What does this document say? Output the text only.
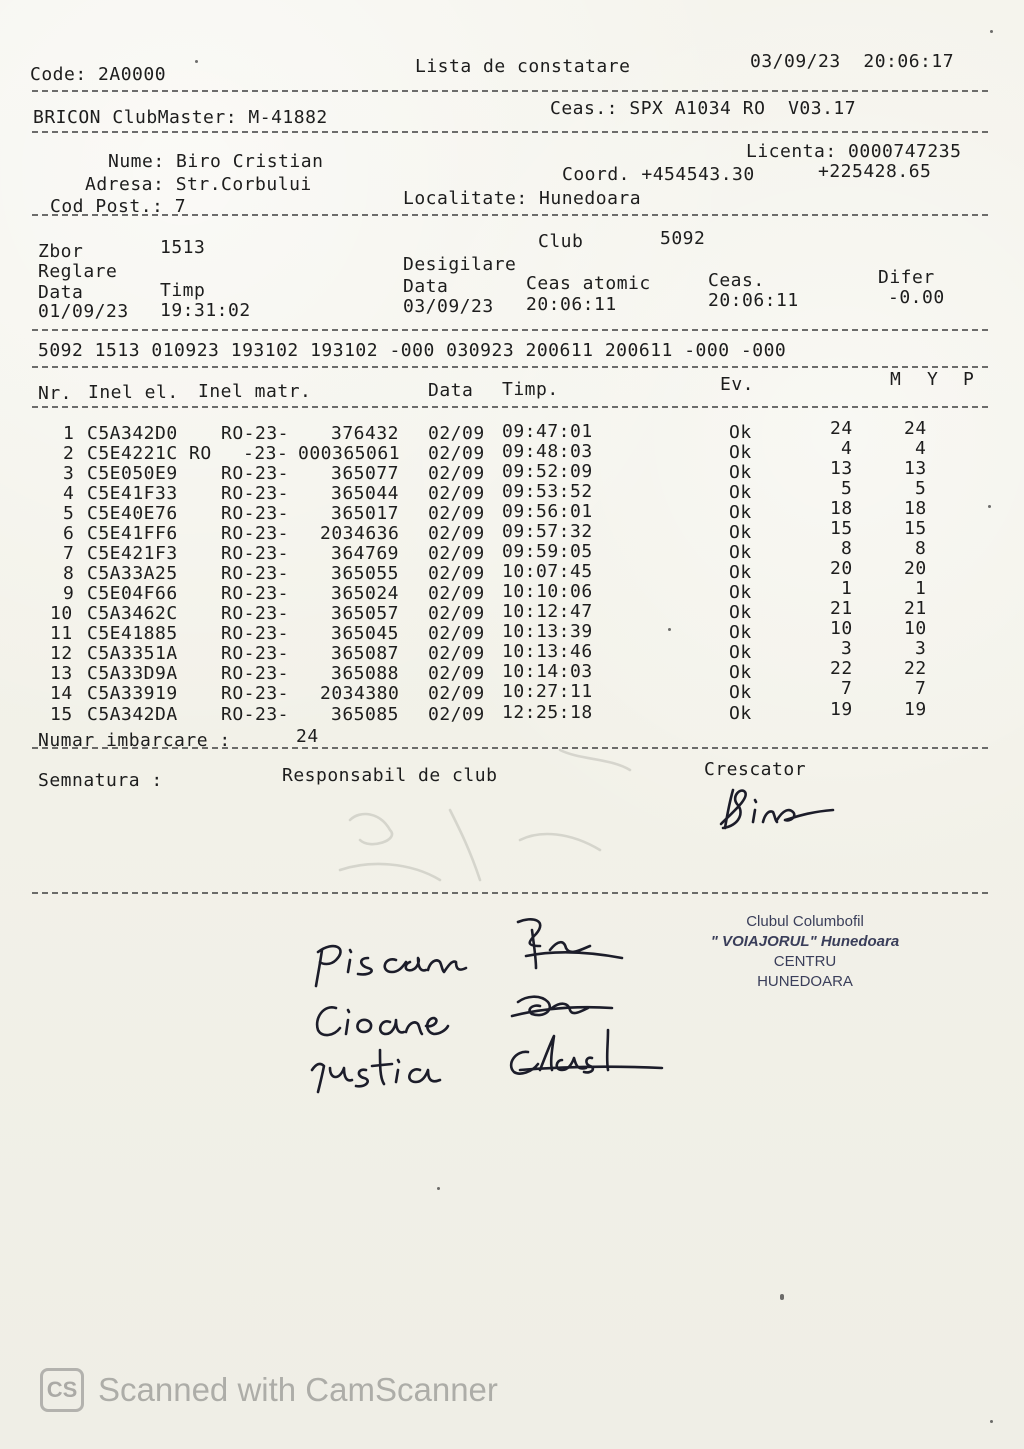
Code: 2A0000	Lista de constatare	03/09/23  20:06:17
BRICON ClubMaster: M-41882	Ceas.: SPX A1034 RO  V03.17
Nume: Biro Cristian
Adresa: Str.Corbului
Cod Post.: 7
Licenta: 0000747235
Coord. +454543.30	+225428.65
Localitate: Hunedoara
Zbor	1513	Club	5092
Reglare	Desigilare
Data	Timp	Data	Ceas atomic	Ceas.	Difer
01/09/23 19:31:02	03/09/23 20:06:11	20:06:11	-0.00
5092 1513 010923 193102 193102 -000 030923 200611 200611 -000 -000
Nr. Inel el. Inel matr.	Data Timp.	Ev.	M Y P
1 C5A342D0 RO-23- 376432 02/09 09:47:01	Ok	24	24
2 C5E4221C RO -23- 000365061 02/09 09:48:03	Ok	4	4
3 C5E050E9 RO-23- 365077 02/09 09:52:09	Ok	13	13
4 C5E41F33 RO-23- 365044 02/09 09:53:52	Ok	5	5
5 C5E40E76 RO-23- 365017 02/09 09:56:01	Ok	18	18
6 C5E41FF6 RO-23- 2034636 02/09 09:57:32	Ok	15	15
7 C5E421F3 RO-23- 364769 02/09 09:59:05	Ok	8	8
8 C5A33A25 RO-23- 365055 02/09 10:07:45	Ok	20	20
9 C5E04F66 RO-23- 365024 02/09 10:10:06	Ok	1	1
10 C5A3462C RO-23- 365057 02/09 10:12:47	Ok	21	21
11 C5E41885 RO-23- 365045 02/09 10:13:39	Ok	10	10
12 C5A3351A RO-23- 365087 02/09 10:13:46	Ok	3	3
13 C5A33D9A RO-23- 365088 02/09 10:14:03	Ok	22	22
14 C5A33919 RO-23- 2034380 02/09 10:27:11	Ok	7	7
15 C5A342DA RO-23- 365085 02/09 12:25:18	Ok	19	19
Numar imbarcare :	24
Semnatura :	Responsabil de club	Crescator
Clubul Columbofil
" VOIAJORUL" Hunedoara
CENTRU
HUNEDOARA
CS Scanned with CamScanner
